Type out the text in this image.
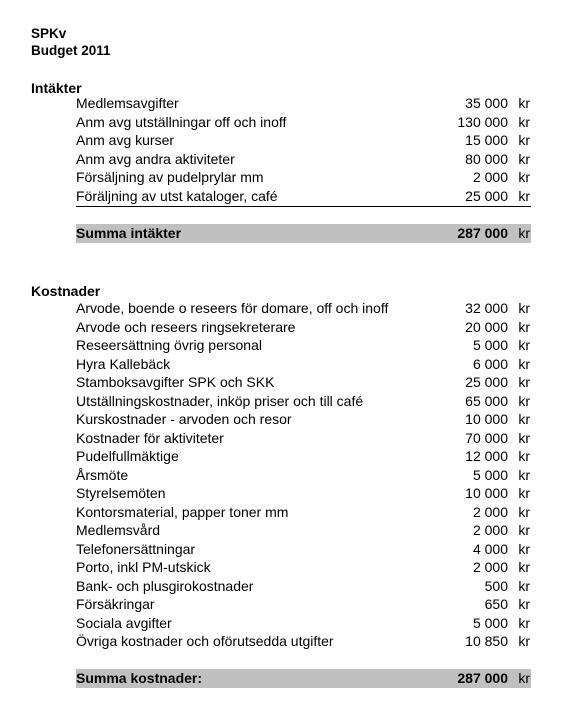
SPKv
Budget 2011
Intäkter
Medlemsavgifter	35 000 kr
Anm avg utställningar off och inoff	130 000 kr
Anm avg kurser	15 000 kr
Anm avg andra aktiviteter	80 000 kr
Försäljning av pudelprylar mm	2 000 kr
Föräljning av utst kataloger, café	25 000 kr
Summa intäkter	287 000 kr
Kostnader
Arvode, boende o reseers för domare, off och inoff	32 000 kr
Arvode och reseers ringsekreterare	20 000 kr
Reseersättning övrig personal	5 000 kr
Hyra Kallebäck	6 000 kr
Stamboksavgifter SPK och SKK	25 000 kr
Utställningskostnader, inköp priser och till café	65 000 kr
Kurskostnader - arvoden och resor	10 000 kr
Kostnader för aktiviteter	70 000 kr
Pudelfullmäktige	12 000 kr
Årsmöte	5 000 kr
Styrelsemöten	10 000 kr
Kontorsmaterial, papper toner mm	2 000 kr
Medlemsvård	2 000 kr
Telefonersättningar	4 000 kr
Porto, inkl PM-utskick	2 000 kr
Bank- och plusgirokostnader	500 kr
Försäkringar	650 kr
Sociala avgifter	5 000 kr
Övriga kostnader och oförutsedda utgifter	10 850 kr
Summa kostnader:	287 000 kr
